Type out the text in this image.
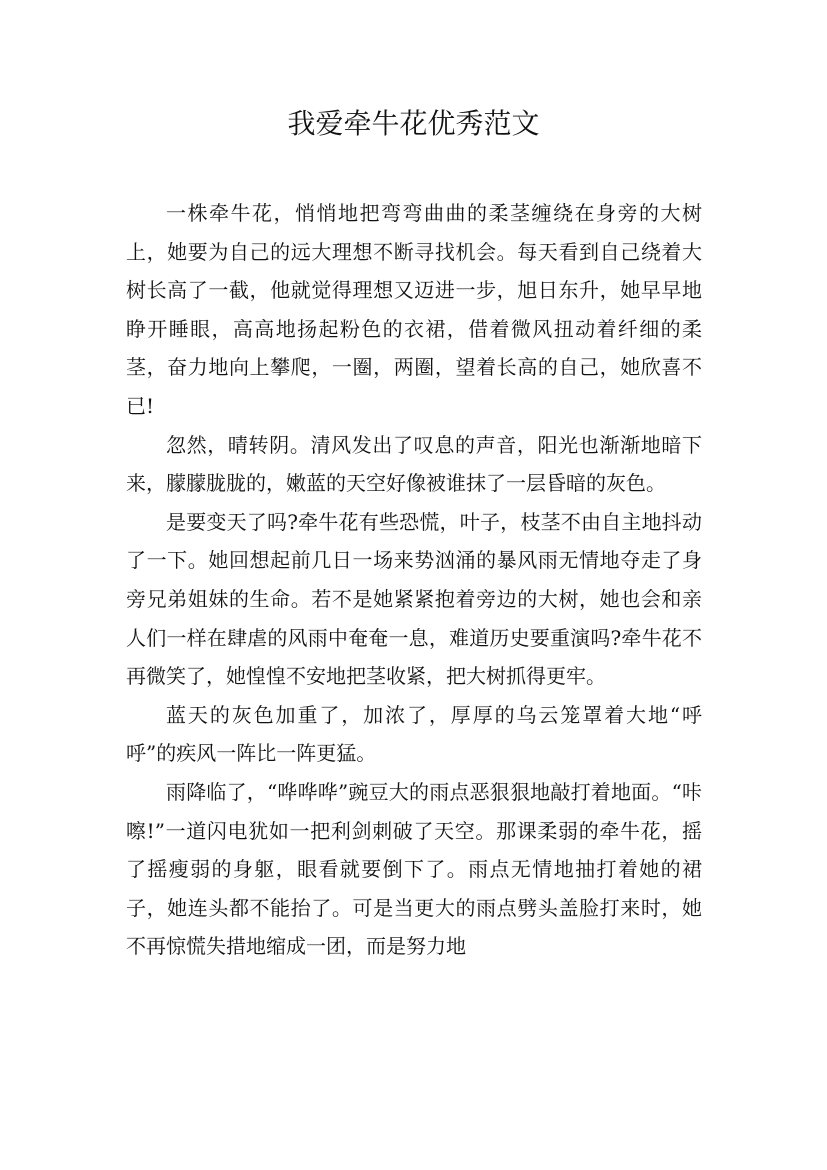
我爱牵牛花优秀范文

一株牵牛花，悄悄地把弯弯曲曲的柔茎缠绕在身旁的大树上，她要为自己的远大理想不断寻找机会。每天看到自己绕着大树长高了一截，他就觉得理想又迈进一步，旭日东升，她早早地睁开睡眼，高高地扬起粉色的衣裙，借着微风扭动着纤细的柔茎，奋力地向上攀爬，一圈，两圈，望着长高的自己，她欣喜不已!

忽然，晴转阴。清风发出了叹息的声音，阳光也渐渐地暗下来，朦朦胧胧的，嫩蓝的天空好像被谁抹了一层昏暗的灰色。

是要变天了吗?牵牛花有些恐慌，叶子，枝茎不由自主地抖动了一下。她回想起前几日一场来势汹涌的暴风雨无情地夺走了身旁兄弟姐妹的生命。若不是她紧紧抱着旁边的大树，她也会和亲人们一样在肆虐的风雨中奄奄一息，难道历史要重演吗?牵牛花不再微笑了，她惶惶不安地把茎收紧，把大树抓得更牢。

蓝天的灰色加重了，加浓了，厚厚的乌云笼罩着大地“呼呼”的疾风一阵比一阵更猛。

雨降临了，“哗哗哗”豌豆大的雨点恶狠狠地敲打着地面。“咔嚓!”一道闪电犹如一把利剑刺破了天空。那课柔弱的牵牛花，摇了摇瘦弱的身躯，眼看就要倒下了。雨点无情地抽打着她的裙子，她连头都不能抬了。可是当更大的雨点劈头盖脸打来时，她不再惊慌失措地缩成一团，而是努力地
